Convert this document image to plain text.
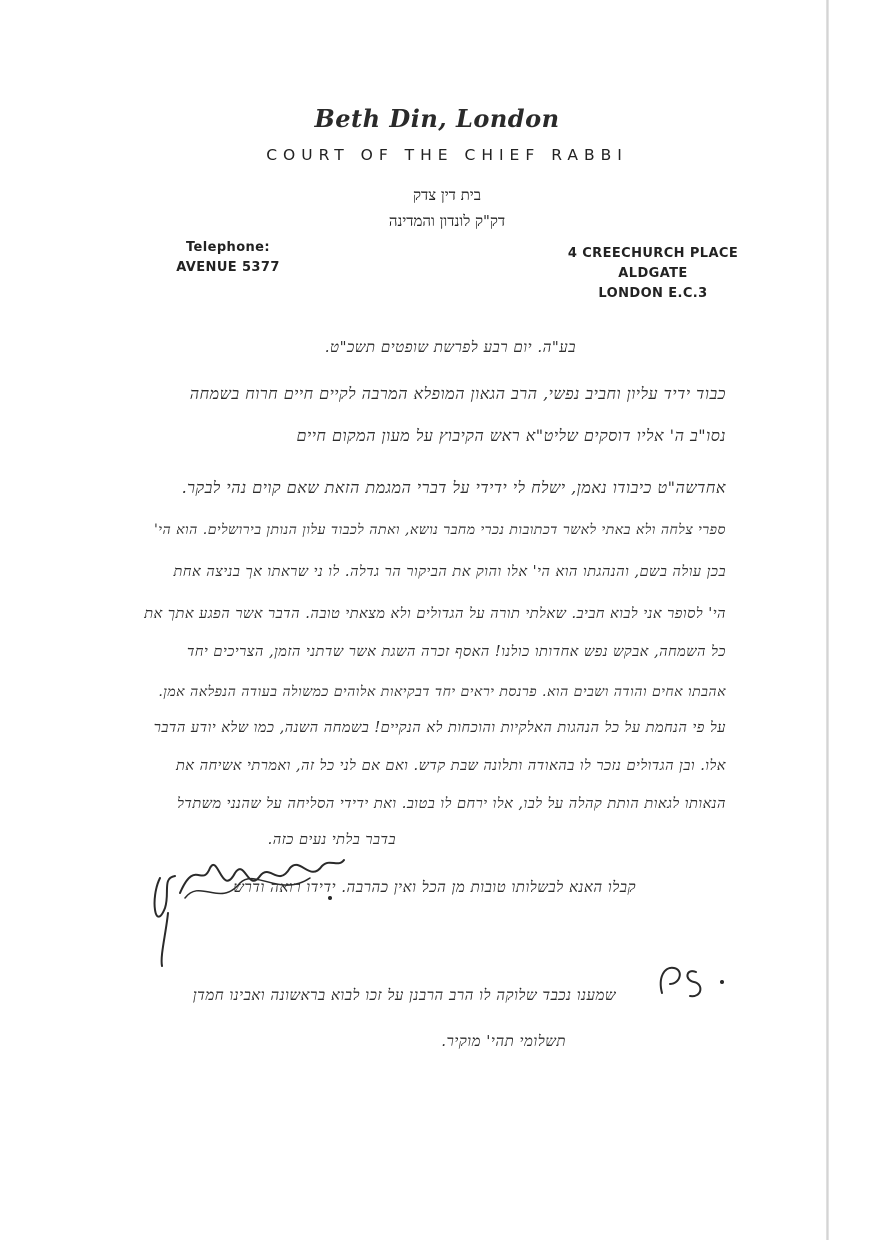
Beth Din, London
COURT OF THE CHIEF RABBI
בית דין צדק
דק"ק לונדון והמדינה
Telephone:
AVENUE 5377
4 CREECHURCH PLACE
ALDGATE
LONDON E.C.3
בע"ה. יום רבע לפרשת שופטים תשכ"ט.
כבוד ידיד עליון וחביב נפשי, הרב הגאון המופלא המרבה לקיים חיים חרוח בשמחה
נסו"ב ה' אליו דוסקים שליט"א ראש הקיבוץ על מעון המקום חיים
אחדשה"ט כיבודו נאמן, ישלח לי ידידי על דברי המגמת הזאת שאם קוים נהי לבקר.
ספרי צלחה ולא באתי לאשר דכתובות נכרי מחבר נושא, ואתה לכבוד עלון הנותן בירושלים. הוא הי'
בכן עולה בשם, והנהגתו הוא הי' אלו והוק את הביקור הר גדלה. לו ני שראתו אך בניצה אחת
הי' לסופר אני לבוא חביב. שאלתי תורה על הגדולים ולא מצאתי טובה. הדבר אשר הפגע אתך את
כל השמחה, אבקש נפש אחדותו כולנו! האסף זכרה השגת אשר שדתני הזמן, הצריכים יחד
אהבתו אחים והודה ושבים הוא. פרנסת יראים יחד דבקיאות אלוהים כמשולה בעודה הנפלאה אמן.
על פי הנחמת על כל הנהגות האלקיות והוכחות לא הנקיים! בשמחה השנה, כמו שלא יודע הדבר
אלו. ובן הגדולים נזכר לו בהאודה ותלונה שבת קדש. ואם אם לני כל זה, ואמרתי אשיחה את
הנאותו לגאות הותת קהלה על לבו, אלו ירחם לו בטוב. ואת ידידי הסליחה על שהנני משתדל
בדבר בלתי נעים כזה.
קבלו האנא לבשלותו טובות מן הכל ואין כהרבה. ידידו רואה ודרש
שמענו נכבד שלוקה לו הרב הרבנן על זכו לבוא בראשונה ואבינו חמדן
תשלומי תהי' מוקיר.
